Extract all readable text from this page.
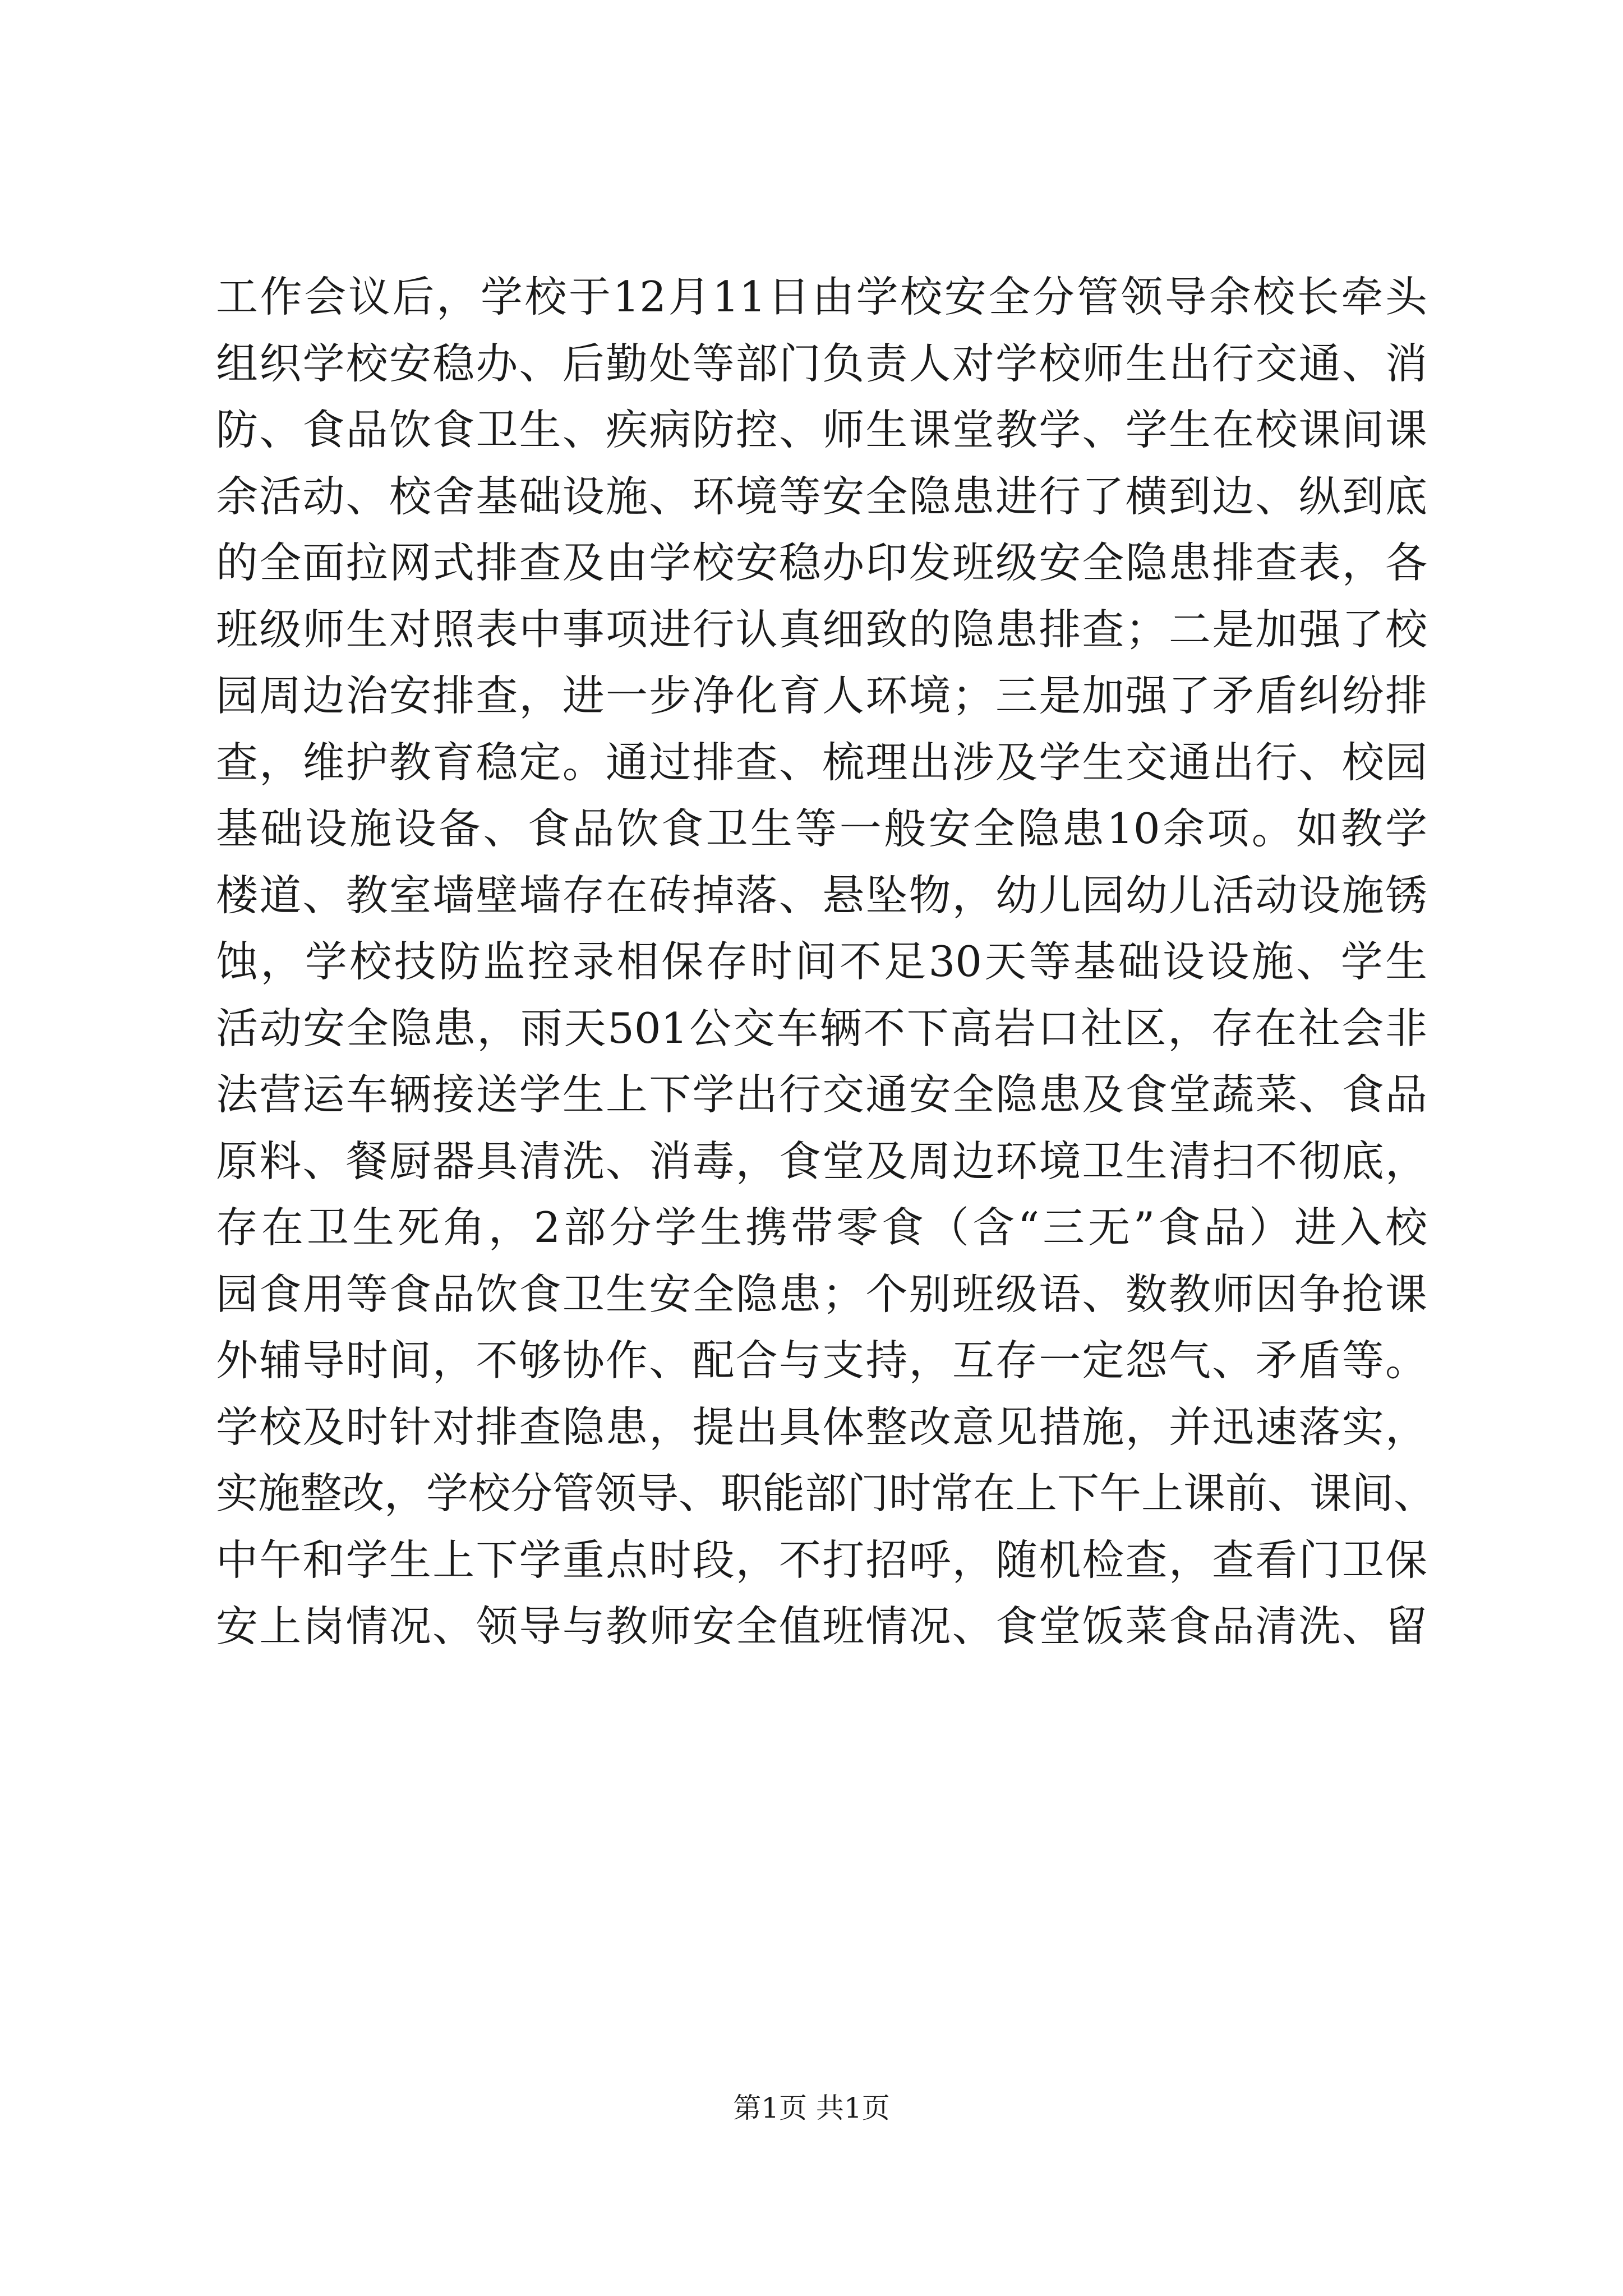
工作会议后，学校于12月11日由学校安全分管领导余校长牵头
组织学校安稳办、后勤处等部门负责人对学校师生出行交通、消
防、食品饮食卫生、疾病防控、师生课堂教学、学生在校课间课
余活动、校舍基础设施、环境等安全隐患进行了横到边、纵到底
的全面拉网式排查及由学校安稳办印发班级安全隐患排查表，各
班级师生对照表中事项进行认真细致的隐患排查；二是加强了校
园周边治安排查，进一步净化育人环境；三是加强了矛盾纠纷排
查，维护教育稳定。通过排查、梳理出涉及学生交通出行、校园
基础设施设备、食品饮食卫生等一般安全隐患10余项。如教学
楼道、教室墙壁墙存在砖掉落、悬坠物，幼儿园幼儿活动设施锈
蚀，学校技防监控录相保存时间不足30天等基础设设施、学生
活动安全隐患，雨天501公交车辆不下高岩口社区，存在社会非
法营运车辆接送学生上下学出行交通安全隐患及食堂蔬菜、食品
原料、餐厨器具清洗、消毒，食堂及周边环境卫生清扫不彻底，
存在卫生死角，2部分学生携带零食（含“三无”食品）进入校
园食用等食品饮食卫生安全隐患；个别班级语、数教师因争抢课
外辅导时间，不够协作、配合与支持，互存一定怨气、矛盾等。
学校及时针对排查隐患，提出具体整改意见措施，并迅速落实，
实施整改，学校分管领导、职能部门时常在上下午上课前、课间、
中午和学生上下学重点时段，不打招呼，随机检查，查看门卫保
安上岗情况、领导与教师安全值班情况、食堂饭菜食品清洗、留
第1页 共1页
